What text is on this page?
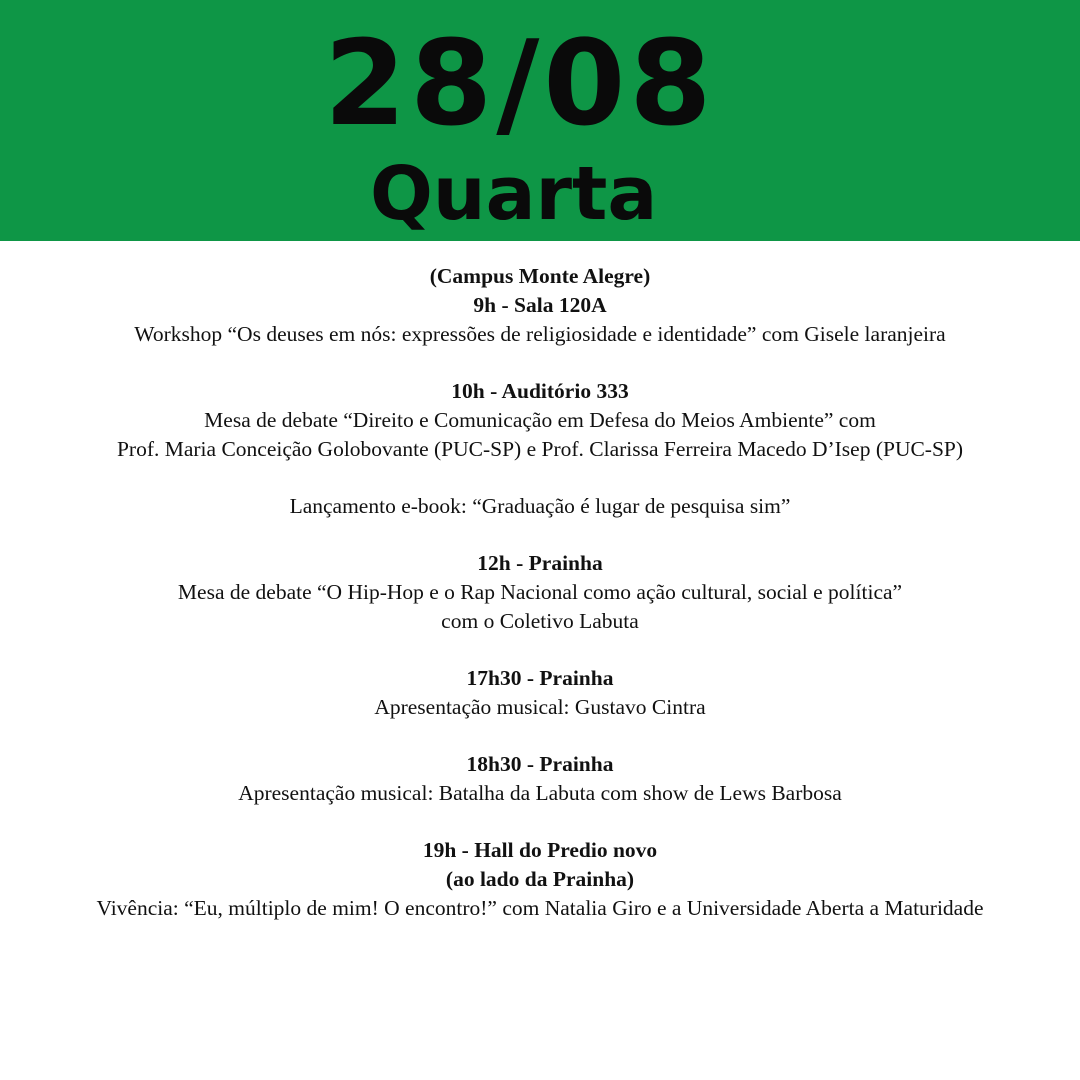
28/08
Quarta
(Campus Monte Alegre)
9h - Sala 120A
Workshop “Os deuses em nós: expressões de religiosidade e identidade” com Gisele laranjeira
10h - Auditório 333
Mesa de debate “Direito e Comunicação em Defesa do Meios Ambiente” com
Prof. Maria Conceição Golobovante (PUC-SP) e Prof. Clarissa Ferreira Macedo D’Isep (PUC-SP)
Lançamento e-book: “Graduação é lugar de pesquisa sim”
12h - Prainha
Mesa de debate “O Hip-Hop e o Rap Nacional como ação cultural, social e política”
com o Coletivo Labuta
17h30 - Prainha
Apresentação musical: Gustavo Cintra
18h30 - Prainha
Apresentação musical: Batalha da Labuta com show de Lews Barbosa
19h - Hall do Predio novo
(ao lado da Prainha)
Vivência: “Eu, múltiplo de mim! O encontro!” com Natalia Giro e a Universidade Aberta a Maturidade
